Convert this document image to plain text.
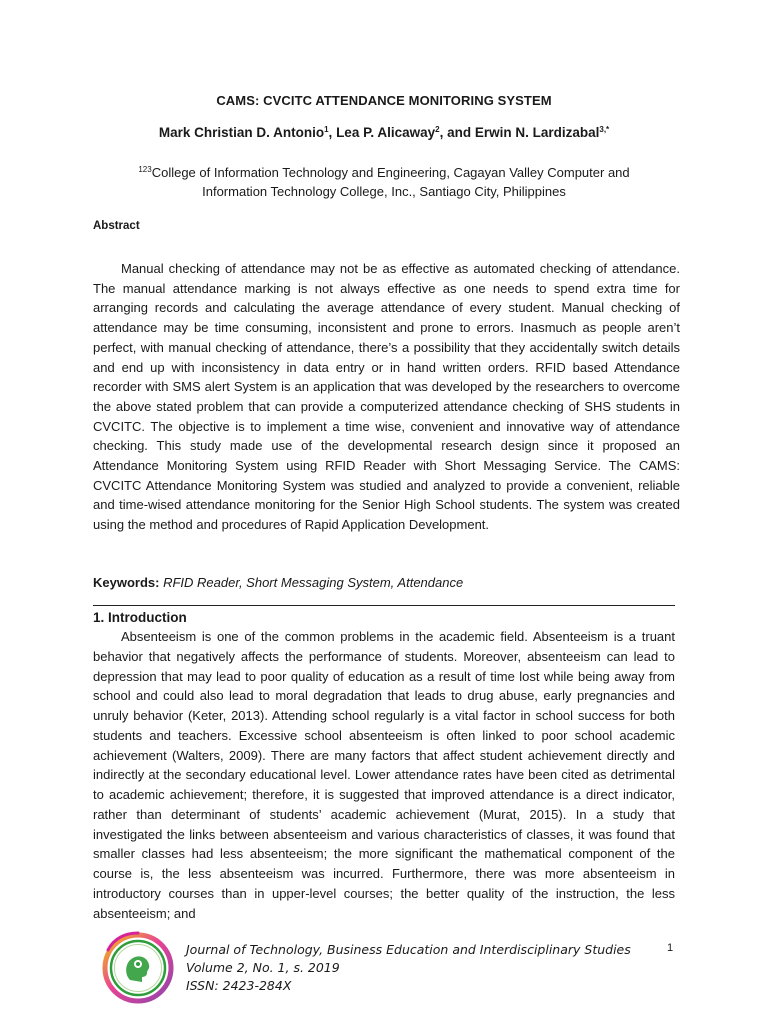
CAMS: CVCITC ATTENDANCE MONITORING SYSTEM
Mark Christian D. Antonio$^1$, Lea P. Alicaway$^2$, and Erwin N. Lardizabal$^{3,*}$
$^{123}$College of Information Technology and Engineering, Cagayan Valley Computer and
Information Technology College, Inc., Santiago City, Philippines
Abstract

Manual checking of attendance may not be as effective as automated checking of attendance. The manual attendance marking is not always effective as one needs to spend extra time for arranging records and calculating the average attendance of every student. Manual checking of attendance may be time consuming, inconsistent and prone to errors. Inasmuch as people aren’t perfect, with manual checking of attendance, there’s a possibility that they accidentally switch details and end up with inconsistency in data entry or in hand written orders. RFID based Attendance recorder with SMS alert System is an application that was developed by the researchers to overcome the above stated problem that can provide a computerized attendance checking of SHS students in CVCITC. The objective is to implement a time wise, convenient and innovative way of attendance checking. This study made use of the developmental research design since it proposed an Attendance Monitoring System using RFID Reader with Short Messaging Service. The CAMS: CVCITC Attendance Monitoring System was studied and analyzed to provide a convenient, reliable and time-wised attendance monitoring for the Senior High School students. The system was created using the method and procedures of Rapid Application Development.

Keywords: RFID Reader, Short Messaging System, Attendance
1. Introduction

Absenteeism is one of the common problems in the academic field. Absenteeism is a truant behavior that negatively affects the performance of students. Moreover, absenteeism can lead to depression that may lead to poor quality of education as a result of time lost while being away from school and could also lead to moral degradation that leads to drug abuse, early pregnancies and unruly behavior (Keter, 2013). Attending school regularly is a vital factor in school success for both students and teachers. Excessive school absenteeism is often linked to poor school academic achievement (Walters, 2009). There are many factors that affect student achievement directly and indirectly at the secondary educational level. Lower attendance rates have been cited as detrimental to academic achievement; therefore, it is suggested that improved attendance is a direct indicator, rather than determinant of students’ academic achievement (Murat, 2015). In a study that investigated the links between absenteeism and various characteristics of classes, it was found that smaller classes had less absenteeism; the more significant the mathematical component of the course is, the less absenteeism was incurred. Furthermore, there was more absenteeism in introductory courses than in upper-level courses; the better quality of the instruction, the less absenteeism; and

Journal of Technology, Business Education and Interdisciplinary Studies
Volume 2, No. 1, s. 2019
ISSN: 2423-284X
1
